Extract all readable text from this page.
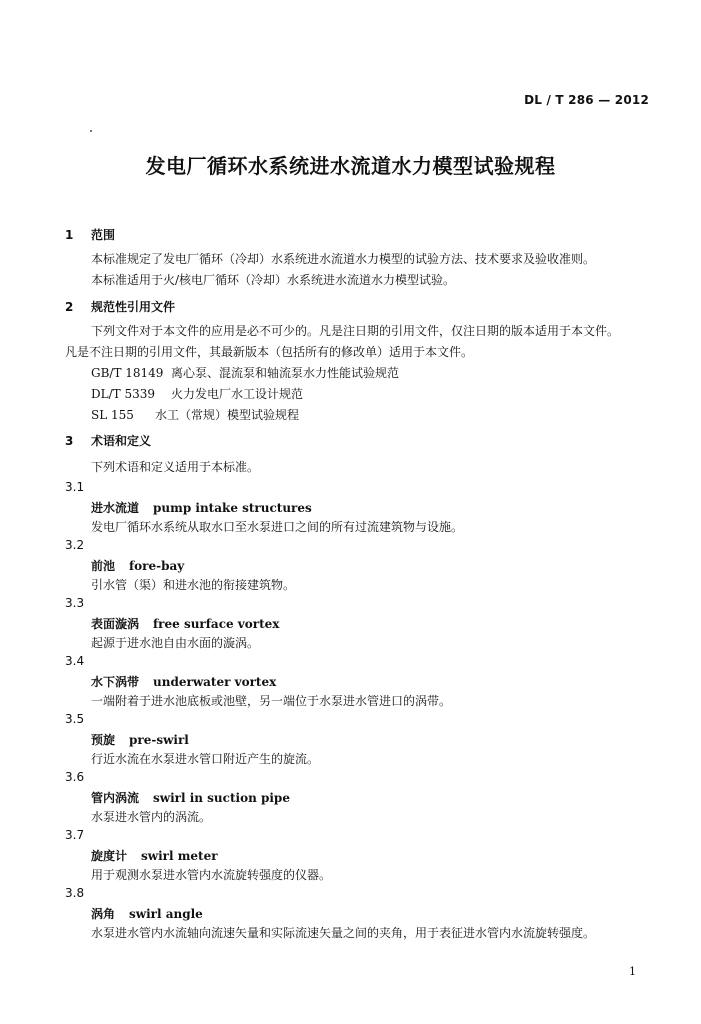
DL / T 286 — 2012
发电厂循环水系统进水流道水力模型试验规程
1 范围
本标准规定了发电厂循环（冷却）水系统进水流道水力模型的试验方法、技术要求及验收准则。
本标准适用于火/核电厂循环（冷却）水系统进水流道水力模型试验。
2 规范性引用文件
下列文件对于本文件的应用是必不可少的。凡是注日期的引用文件，仅注日期的版本适用于本文件。
凡是不注日期的引用文件，其最新版本（包括所有的修改单）适用于本文件。
GB/T 18149 离心泵、混流泵和轴流泵水力性能试验规范
DL/T 5339 火力发电厂水工设计规范
SL 155 水工（常规）模型试验规程
3 术语和定义
下列术语和定义适用于本标准。
3.1
进水流道 pump intake structures
发电厂循环水系统从取水口至水泵进口之间的所有过流建筑物与设施。
3.2
前池 fore-bay
引水管（渠）和进水池的衔接建筑物。
3.3
表面漩涡 free surface vortex
起源于进水池自由水面的漩涡。
3.4
水下涡带 underwater vortex
一端附着于进水池底板或池壁，另一端位于水泵进水管进口的涡带。
3.5
预旋 pre-swirl
行近水流在水泵进水管口附近产生的旋流。
3.6
管内涡流 swirl in suction pipe
水泵进水管内的涡流。
3.7
旋度计 swirl meter
用于观测水泵进水管内水流旋转强度的仪器。
3.8
涡角 swirl angle
水泵进水管内水流轴向流速矢量和实际流速矢量之间的夹角，用于表征进水管内水流旋转强度。
1
